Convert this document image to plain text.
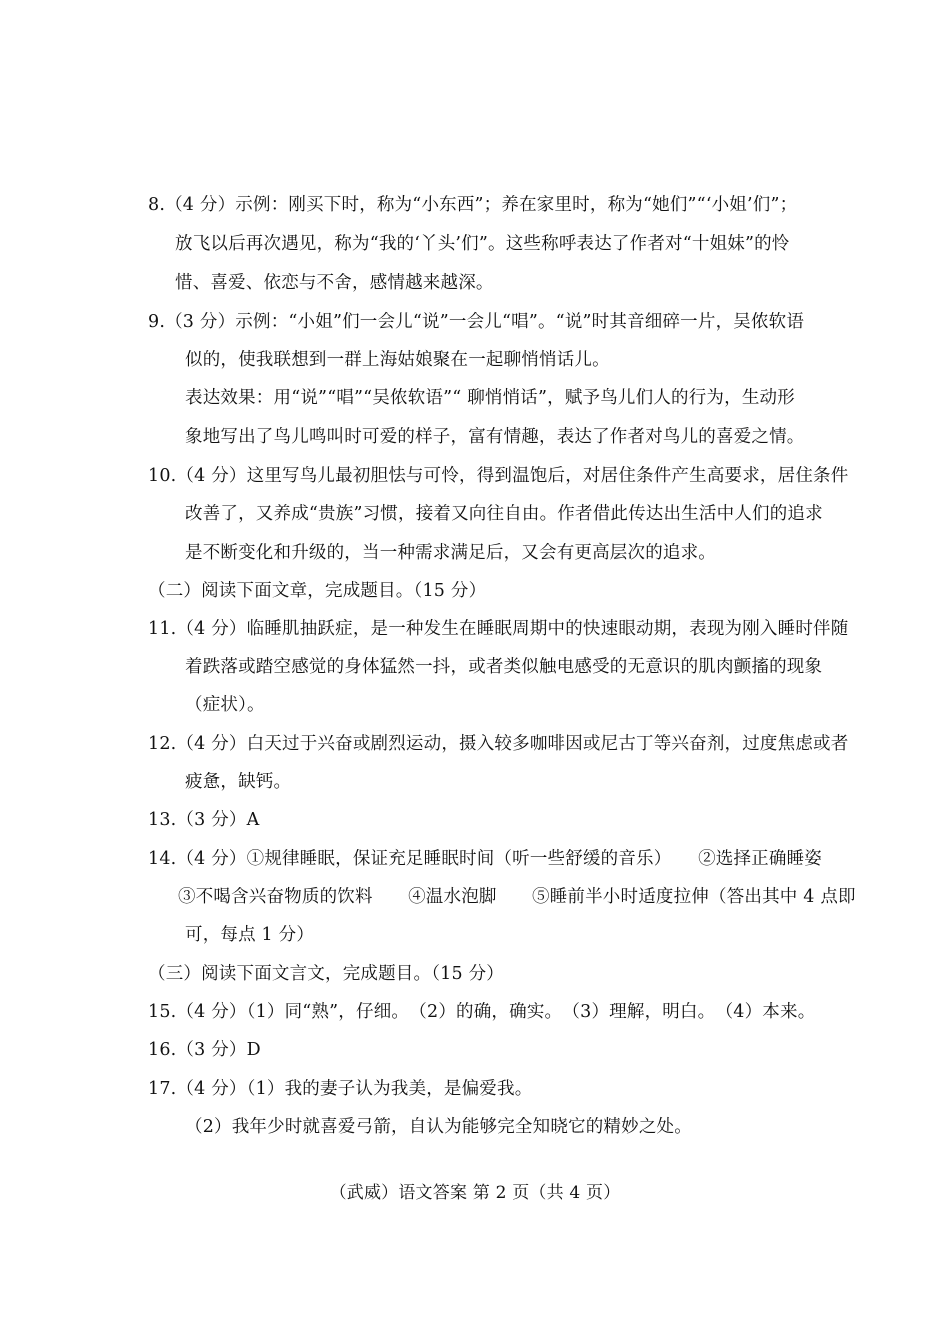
8.（4 分）示例：刚买下时，称为“小东西”；养在家里时，称为“她们”“‘小姐’们”；
放飞以后再次遇见，称为“我的‘丫头’们”。这些称呼表达了作者对“十姐妹”的怜
惜、喜爱、依恋与不舍，感情越来越深。
9.（3 分）示例：“小姐”们一会儿“说”一会儿“唱”。“说”时其音细碎一片，吴侬软语
似的，使我联想到一群上海姑娘聚在一起聊悄悄话儿。
表达效果：用“说”“唱”“吴侬软语”“ 聊悄悄话”，赋予鸟儿们人的行为，生动形
象地写出了鸟儿鸣叫时可爱的样子，富有情趣，表达了作者对鸟儿的喜爱之情。
10.（4 分）这里写鸟儿最初胆怯与可怜，得到温饱后，对居住条件产生高要求，居住条件
改善了，又养成“贵族”习惯，接着又向往自由。作者借此传达出生活中人们的追求
是不断变化和升级的，当一种需求满足后，又会有更高层次的追求。
（二）阅读下面文章，完成题目。（15 分）
11.（4 分）临睡肌抽跃症，是一种发生在睡眠周期中的快速眼动期，表现为刚入睡时伴随
着跌落或踏空感觉的身体猛然一抖，或者类似触电感受的无意识的肌肉颤搐的现象
（症状）。
12.（4 分）白天过于兴奋或剧烈运动，摄入较多咖啡因或尼古丁等兴奋剂，过度焦虑或者
疲惫，缺钙。
13.（3 分）A
14.（4 分）①规律睡眠，保证充足睡眠时间（听一些舒缓的音乐）　　②选择正确睡姿
③不喝含兴奋物质的饮料　　④温水泡脚　　⑤睡前半小时适度拉伸（答出其中 4 点即
可，每点 1 分）
（三）阅读下面文言文，完成题目。（15 分）
15.（4 分）（1）同“熟”，仔细。　（2）的确，确实。　（3）理解，明白。　（4）本来。
16.（3 分）D
17.（4 分）（1）我的妻子认为我美，是偏爱我。
（2）我年少时就喜爱弓箭，自认为能够完全知晓它的精妙之处。
（武威）语文答案 第 2 页（共 4 页）
